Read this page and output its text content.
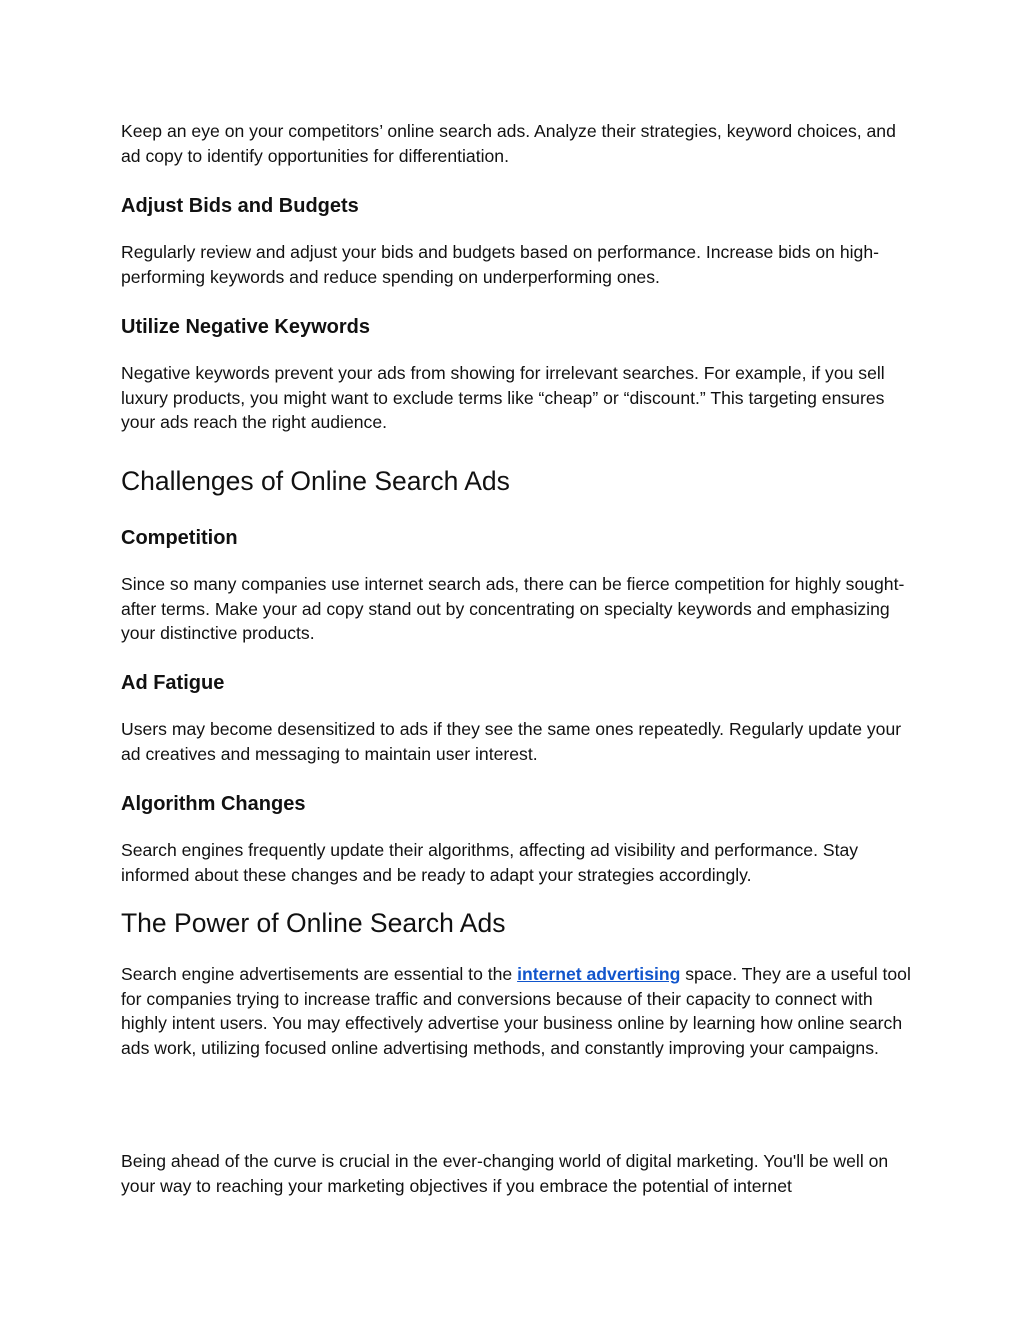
Keep an eye on your competitors’ online search ads. Analyze their strategies, keyword choices, and ad copy to identify opportunities for differentiation.

Adjust Bids and Budgets

Regularly review and adjust your bids and budgets based on performance. Increase bids on high-performing keywords and reduce spending on underperforming ones.

Utilize Negative Keywords

Negative keywords prevent your ads from showing for irrelevant searches. For example, if you sell luxury products, you might want to exclude terms like “cheap” or “discount.” This targeting ensures your ads reach the right audience.

Challenges of Online Search Ads
Competition

Since so many companies use internet search ads, there can be fierce competition for highly sought-after terms. Make your ad copy stand out by concentrating on specialty keywords and emphasizing your distinctive products.

Ad Fatigue

Users may become desensitized to ads if they see the same ones repeatedly. Regularly update your ad creatives and messaging to maintain user interest.

Algorithm Changes

Search engines frequently update their algorithms, affecting ad visibility and performance. Stay informed about these changes and be ready to adapt your strategies accordingly.

The Power of Online Search Ads

Search engine advertisements are essential to the internet advertising space. They are a useful tool for companies trying to increase traffic and conversions because of their capacity to connect with highly intent users. You may effectively advertise your business online by learning how online search ads work, utilizing focused online advertising methods, and constantly improving your campaigns.

Being ahead of the curve is crucial in the ever-changing world of digital marketing. You'll be well on your way to reaching your marketing objectives if you embrace the potential of internet
